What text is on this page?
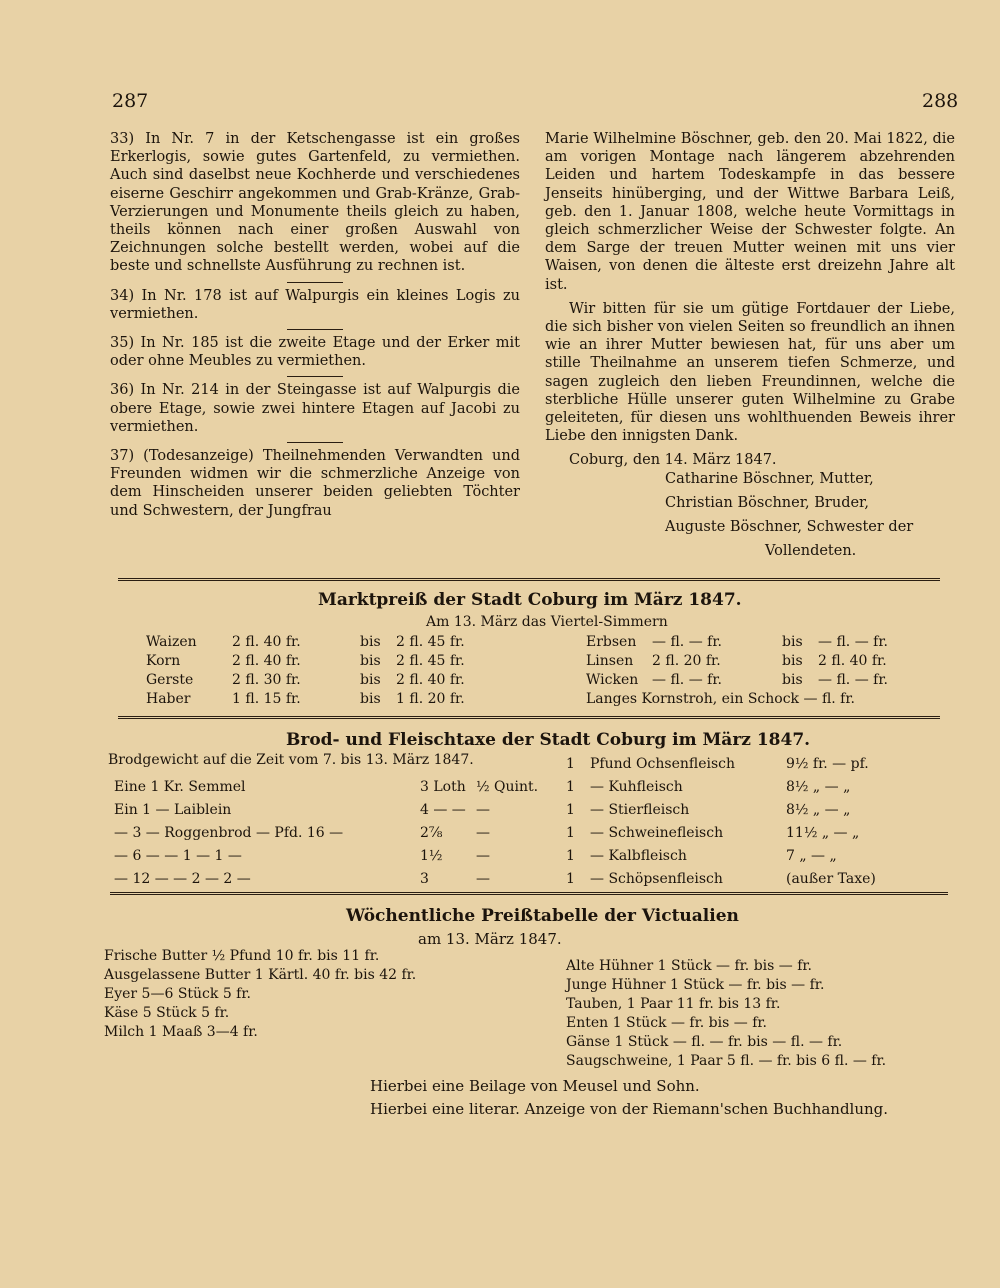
287	288

33) In Nr. 7 in der Ketschengasse ist ein großes Erkerlogis, sowie gutes Gartenfeld, zu vermiethen. Auch sind daselbst neue Kochherde und verschiedenes eiserne Geschirr angekommen und Grab-Kränze, Grab-Verzierungen und Monumente theils gleich zu haben, theils können nach einer großen Auswahl von Zeichnungen solche bestellt werden, wobei auf die beste und schnellste Ausführung zu rechnen ist.

34) In Nr. 178 ist auf Walpurgis ein kleines Logis zu vermiethen.

35) In Nr. 185 ist die zweite Etage und der Erker mit oder ohne Meubles zu vermiethen.

36) In Nr. 214 in der Steingasse ist auf Walpurgis die obere Etage, sowie zwei hintere Etagen auf Jacobi zu vermiethen.

37) (Todesanzeige) Theilnehmenden Verwandten und Freunden widmen wir die schmerzliche Anzeige von dem Hinscheiden unserer beiden geliebten Töchter und Schwestern, der Jungfrau

Marie Wilhelmine Böschner, geb. den 20. Mai 1822, die am vorigen Montage nach längerem abzehrenden Leiden und hartem Todeskampfe in das bessere Jenseits hinüberging, und der Wittwe Barbara Leiß, geb. den 1. Januar 1808, welche heute Vormittags in gleich schmerzlicher Weise der Schwester folgte. An dem Sarge der treuen Mutter weinen mit uns vier Waisen, von denen die älteste erst dreizehn Jahre alt ist.

Wir bitten für sie um gütige Fortdauer der Liebe, die sich bisher von vielen Seiten so freundlich an ihnen wie an ihrer Mutter bewiesen hat, für uns aber um stille Theilnahme an unserem tiefen Schmerze, und sagen zugleich den lieben Freundinnen, welche die sterbliche Hülle unserer guten Wilhelmine zu Grabe geleiteten, für diesen uns wohlthuenden Beweis ihrer Liebe den innigsten Dank.

Coburg, den 14. März 1847.

Catharine Böschner, Mutter,

Christian Böschner, Bruder,

Auguste Böschner, Schwester der

Vollendeten.

Marktpreiß der Stadt Coburg im März 1847.
Am 13. März das Viertel-Simmern
Waizen	2 fl. 40 fr.	bis	2 fl. 45 fr.
Korn	2 fl. 40 fr.	bis	2 fl. 45 fr.
Gerste	2 fl. 30 fr.	bis	2 fl. 40 fr.
Haber	1 fl. 15 fr.	bis	1 fl. 20 fr.
Erbsen	— fl. — fr.	bis	— fl. — fr.
Linsen	2 fl. 20 fr.	bis	2 fl. 40 fr.
Wicken	— fl. — fr.	bis	— fl. — fr.
Langes Kornstroh, ein Schock — fl. fr.
Brod- und Fleischtaxe der Stadt Coburg im März 1847.
Brodgewicht auf die Zeit vom 7. bis 13. März 1847.
Eine 1 Kr. Semmel	3 Loth	½ Quint.
Ein 1 — Laiblein	4 — —	—
— 3 — Roggenbrod — Pfd. 16 —	2⅞	—
— 6 — — 1 — 1 —	1½	—
— 12 — — 2 — 2 —	3	—
1	Pfund Ochsenfleisch	9½ fr. — pf.
1	— Kuhfleisch	8½ „ — „
1	— Stierfleisch	8½ „ — „
1	— Schweinefleisch	11½ „ — „
1	— Kalbfleisch	7 „ — „
1	— Schöpsenfleisch	(außer Taxe)
Wöchentliche Preißtabelle der Victualien
am 13. März 1847.
Frische Butter ½ Pfund 10 fr. bis 11 fr.
Ausgelassene Butter 1 Kärtl. 40 fr. bis 42 fr.
Eyer 5—6 Stück 5 fr.
Käse 5 Stück 5 fr.
Milch 1 Maaß 3—4 fr.
Alte Hühner 1 Stück — fr. bis — fr.
Junge Hühner 1 Stück — fr. bis — fr.
Tauben, 1 Paar 11 fr. bis 13 fr.
Enten 1 Stück — fr. bis — fr.
Gänse 1 Stück — fl. — fr. bis — fl. — fr.
Saugschweine, 1 Paar 5 fl. — fr. bis 6 fl. — fr.
Hierbei eine Beilage von Meusel und Sohn.
Hierbei eine literar. Anzeige von der Riemann'schen Buchhandlung.
